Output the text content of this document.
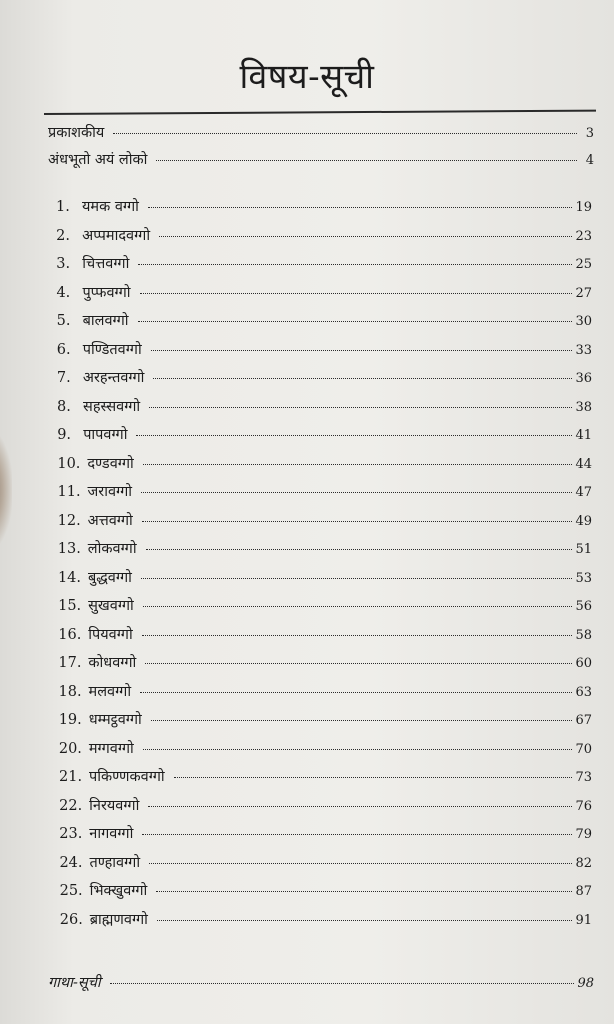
विषय-सूची
प्रकाशकीय	3
अंधभूतो अयं लोको	4
1. यमक वग्गो	19
2. अप्पमादवग्गो	23
3. चित्तवग्गो	25
4. पुप्फवग्गो	27
5. बालवग्गो	30
6. पण्डितवग्गो	33
7. अरहन्तवग्गो	36
8. सहस्सवग्गो	38
9. पापवग्गो	41
10. दण्डवग्गो	44
11. जरावग्गो	47
12. अत्तवग्गो	49
13. लोकवग्गो	51
14. बुद्धवग्गो	53
15. सुखवग्गो	56
16. पियवग्गो	58
17. कोधवग्गो	60
18. मलवग्गो	63
19. धम्मट्ठवग्गो	67
20. मग्गवग्गो	70
21. पकिण्णकवग्गो	73
22. निरयवग्गो	76
23. नागवग्गो	79
24. तण्हावग्गो	82
25. भिक्खुवग्गो	87
26. ब्राह्मणवग्गो	91
गाथा-सूची	98
